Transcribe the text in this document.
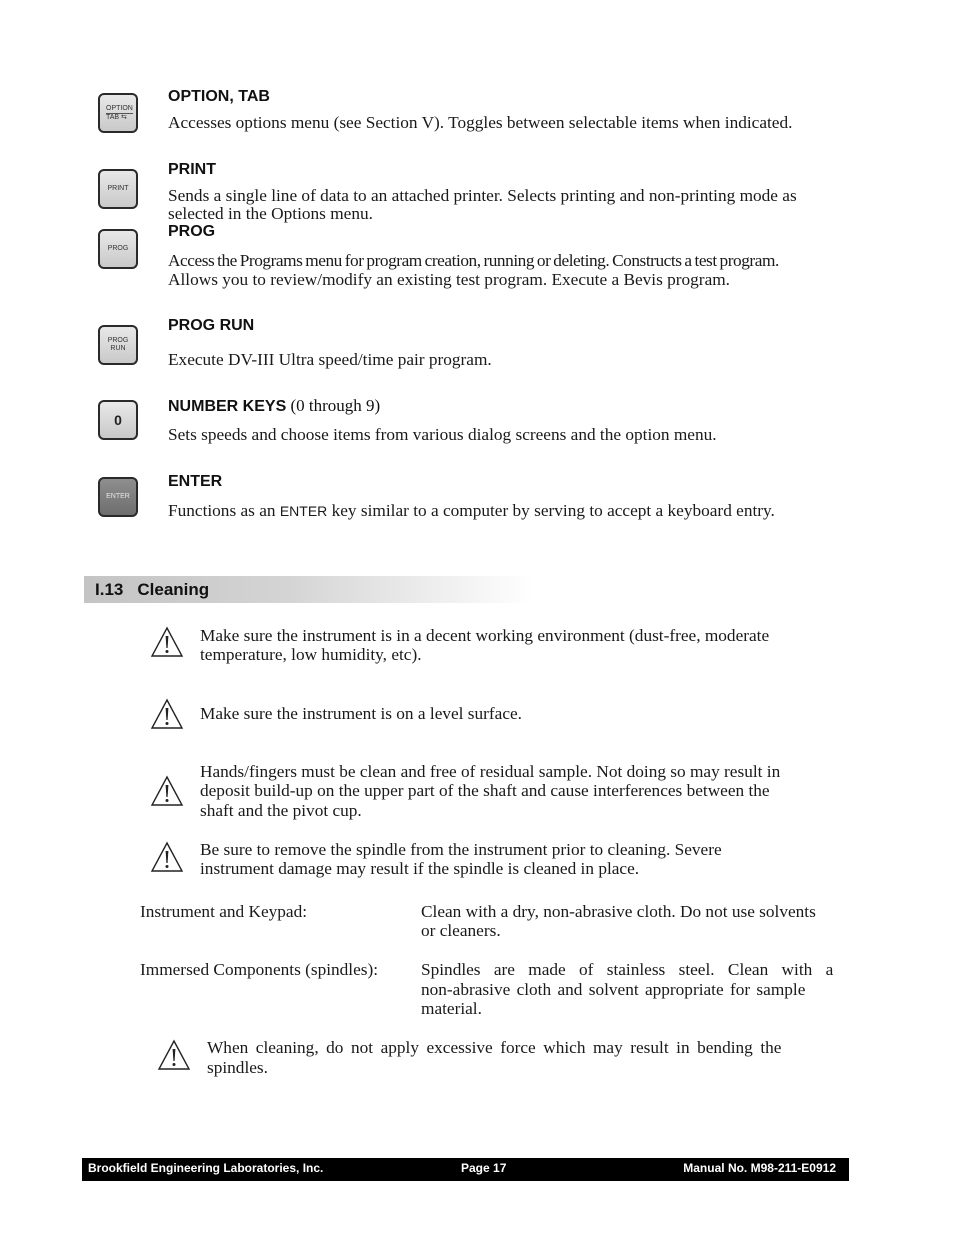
OPTION
TAB ⇆
OPTION, TAB
Accesses options menu (see Section V). Toggles between selectable items when indicated.
PRINT
PRINT
Sends a single line of data to an attached printer. Selects printing and non-printing mode as
selected in the Options menu.
PROG
PROG
Access the Programs menu for program creation, running or deleting. Constructs a test program.
Allows you to review/modify an existing test program. Execute a Bevis program.
PROG
RUN
PROG RUN
Execute DV-III Ultra speed/time pair program.
0
NUMBER KEYS (0 through 9)
Sets speeds and choose items from various dialog screens and the option menu.
ENTER
ENTER
Functions as an ENTER key similar to a computer by serving to accept a keyboard entry.
I.13 Cleaning
Make sure the instrument is in a decent working environment (dust-free, moderate
temperature, low humidity, etc).
Make sure the instrument is on a level surface.
Hands/fingers must be clean and free of residual sample. Not doing so may result in
deposit build-up on the upper part of the shaft and cause interferences between the
shaft and the pivot cup.
Be sure to remove the spindle from the instrument prior to cleaning. Severe
instrument damage may result if the spindle is cleaned in place.
Instrument and Keypad:	Clean with a dry, non-abrasive cloth. Do not use solvents
or cleaners.
Immersed Components (spindles): Spindles are made of stainless steel. Clean with a
non-abrasive cloth and solvent appropriate for sample
material.
When cleaning, do not apply excessive force which may result in bending the
spindles.
Brookfield Engineering Laboratories, Inc.	Page 17	Manual No. M98-211-E0912
